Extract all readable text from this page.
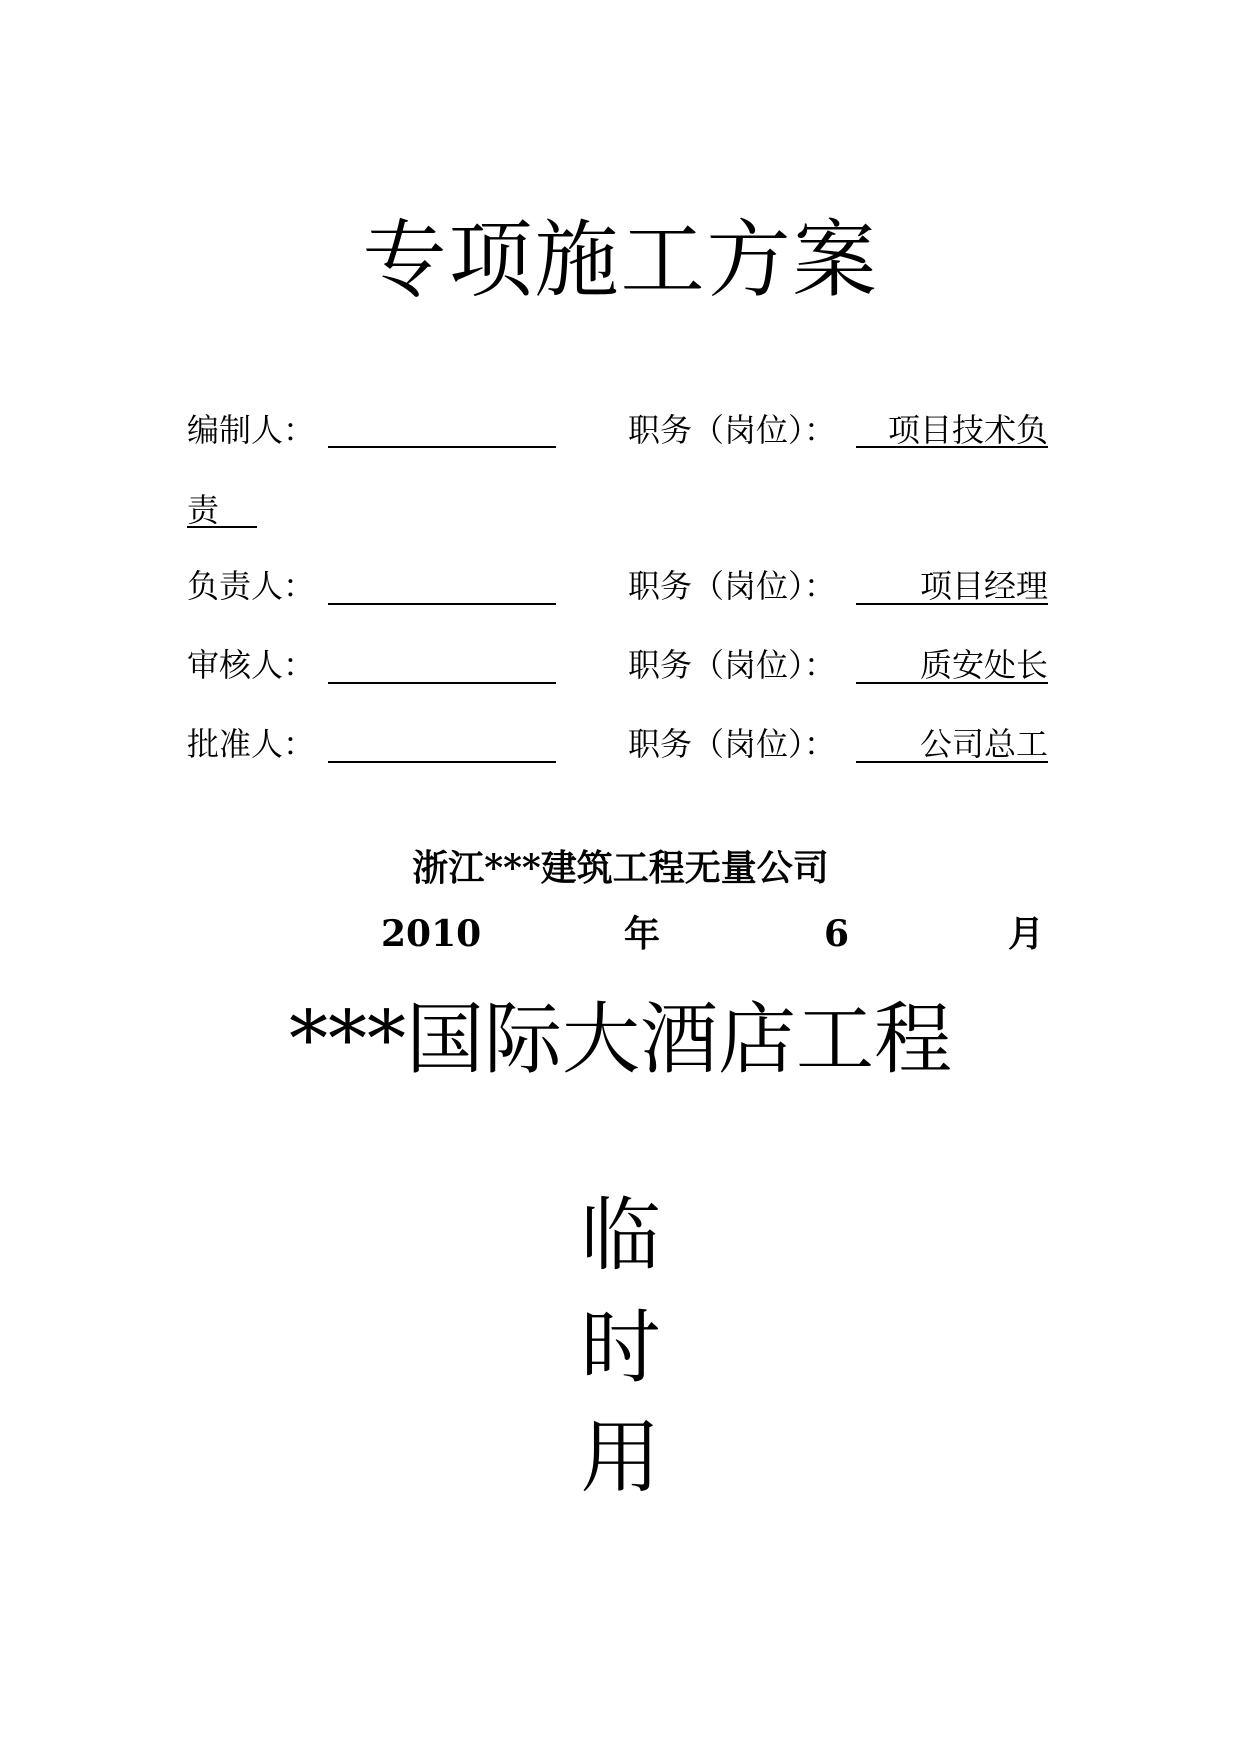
专项施工方案
编制人：	职务（岗位）：	项目技术负
责
负责人：	职务（岗位）：	项目经理
审核人：	职务（岗位）：	质安处长
批准人：	职务（岗位）：	公司总工
浙江***建筑工程无量公司
2010	年	6	月
***国际大酒店工程
临
时
用
